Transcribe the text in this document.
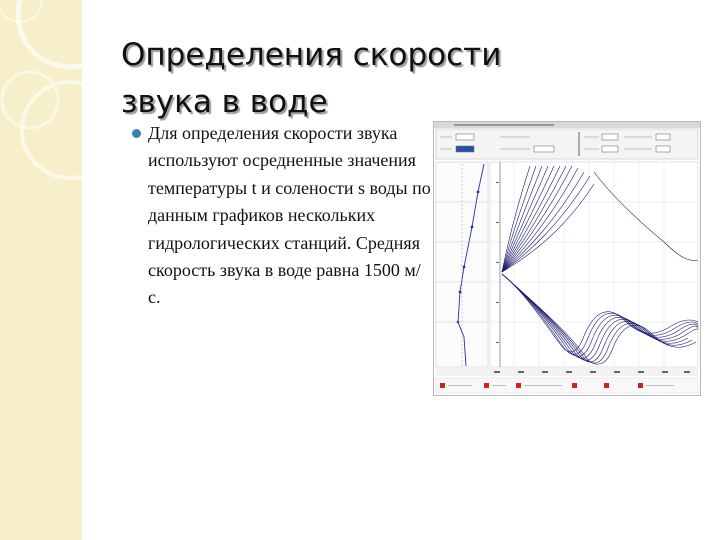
Определения скорости звука в воде

Для определения скорости звука используют осредненные значения температуры t и солености s воды по данным графиков нескольких гидрологических станций. Средняя скорость звука в воде равна 1500 м/с.
